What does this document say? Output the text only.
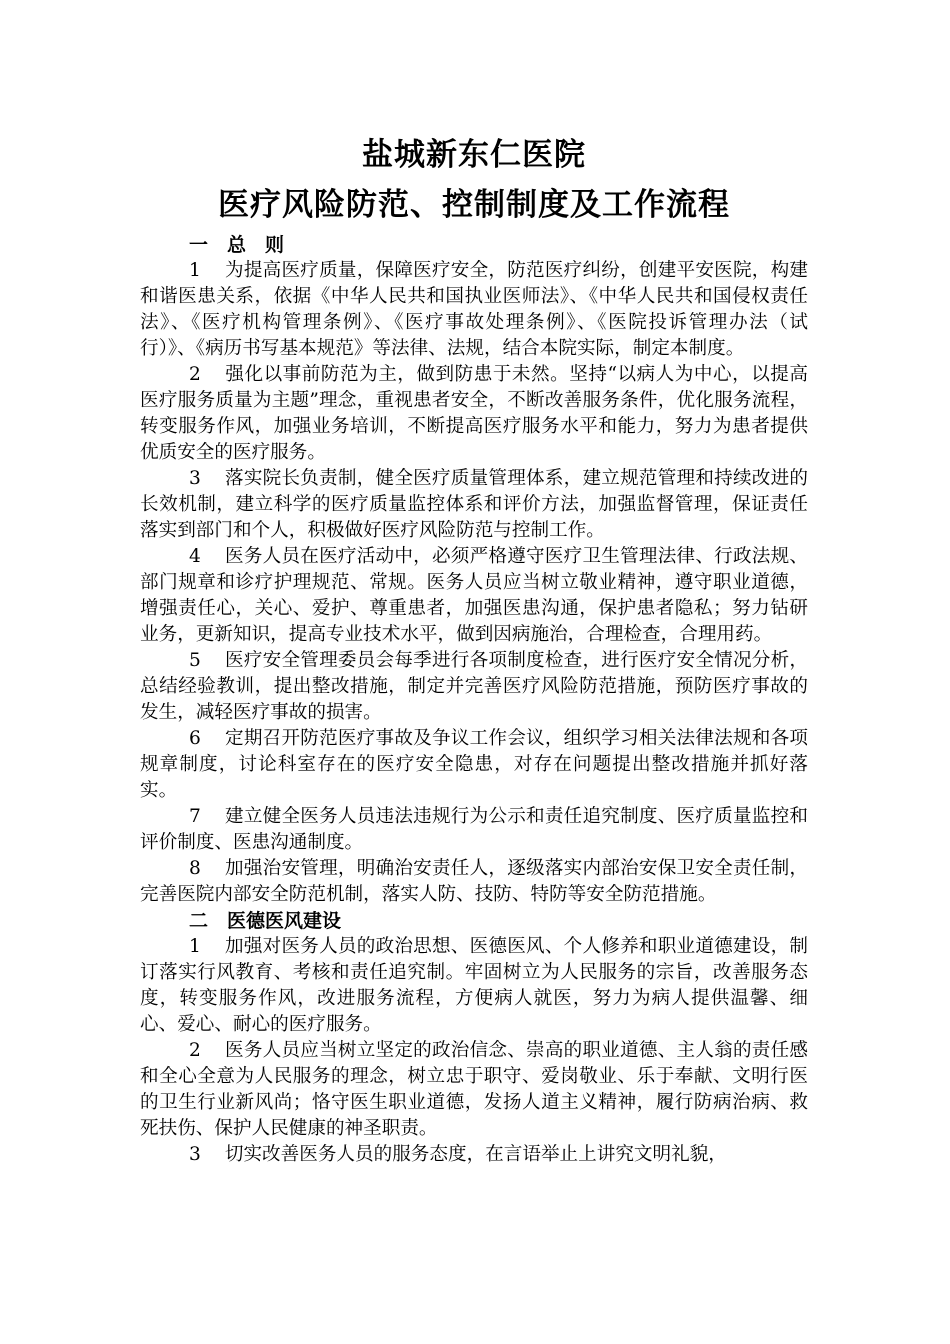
盐城新东仁医院
医疗风险防范、控制制度及工作流程

一　总　则

1 为提高医疗质量，保障医疗安全，防范医疗纠纷，创建平安医院，构建和谐医患关系，依据《中华人民共和国执业医师法》、《中华人民共和国侵权责任法》、《医疗机构管理条例》、《医疗事故处理条例》、《医院投诉管理办法（试行）》、《病历书写基本规范》等法律、法规，结合本院实际，制定本制度。

2 强化以事前防范为主，做到防患于未然。坚持“以病人为中心，以提高医疗服务质量为主题”理念，重视患者安全，不断改善服务条件，优化服务流程，转变服务作风，加强业务培训，不断提高医疗服务水平和能力，努力为患者提供优质安全的医疗服务。

3 落实院长负责制，健全医疗质量管理体系，建立规范管理和持续改进的长效机制，建立科学的医疗质量监控体系和评价方法，加强监督管理，保证责任落实到部门和个人，积极做好医疗风险防范与控制工作。

4 医务人员在医疗活动中，必须严格遵守医疗卫生管理法律、行政法规、部门规章和诊疗护理规范、常规。医务人员应当树立敬业精神，遵守职业道德，增强责任心，关心、爱护、尊重患者，加强医患沟通，保护患者隐私；努力钻研业务，更新知识，提高专业技术水平，做到因病施治，合理检查，合理用药。

5 医疗安全管理委员会每季进行各项制度检查，进行医疗安全情况分析，总结经验教训，提出整改措施，制定并完善医疗风险防范措施，预防医疗事故的发生，减轻医疗事故的损害。

6 定期召开防范医疗事故及争议工作会议，组织学习相关法律法规和各项规章制度，讨论科室存在的医疗安全隐患，对存在问题提出整改措施并抓好落实。

7 建立健全医务人员违法违规行为公示和责任追究制度、医疗质量监控和评价制度、医患沟通制度。

8 加强治安管理，明确治安责任人，逐级落实内部治安保卫安全责任制，完善医院内部安全防范机制，落实人防、技防、特防等安全防范措施。

二　医德医风建设

1 加强对医务人员的政治思想、医德医风、个人修养和职业道德建设，制订落实行风教育、考核和责任追究制。牢固树立为人民服务的宗旨，改善服务态度，转变服务作风，改进服务流程，方便病人就医，努力为病人提供温馨、细心、爱心、耐心的医疗服务。

2 医务人员应当树立坚定的政治信念、崇高的职业道德、主人翁的责任感和全心全意为人民服务的理念，树立忠于职守、爱岗敬业、乐于奉献、文明行医的卫生行业新风尚；恪守医生职业道德，发扬人道主义精神，履行防病治病、救死扶伤、保护人民健康的神圣职责。

3 切实改善医务人员的服务态度，在言语举止上讲究文明礼貌，
